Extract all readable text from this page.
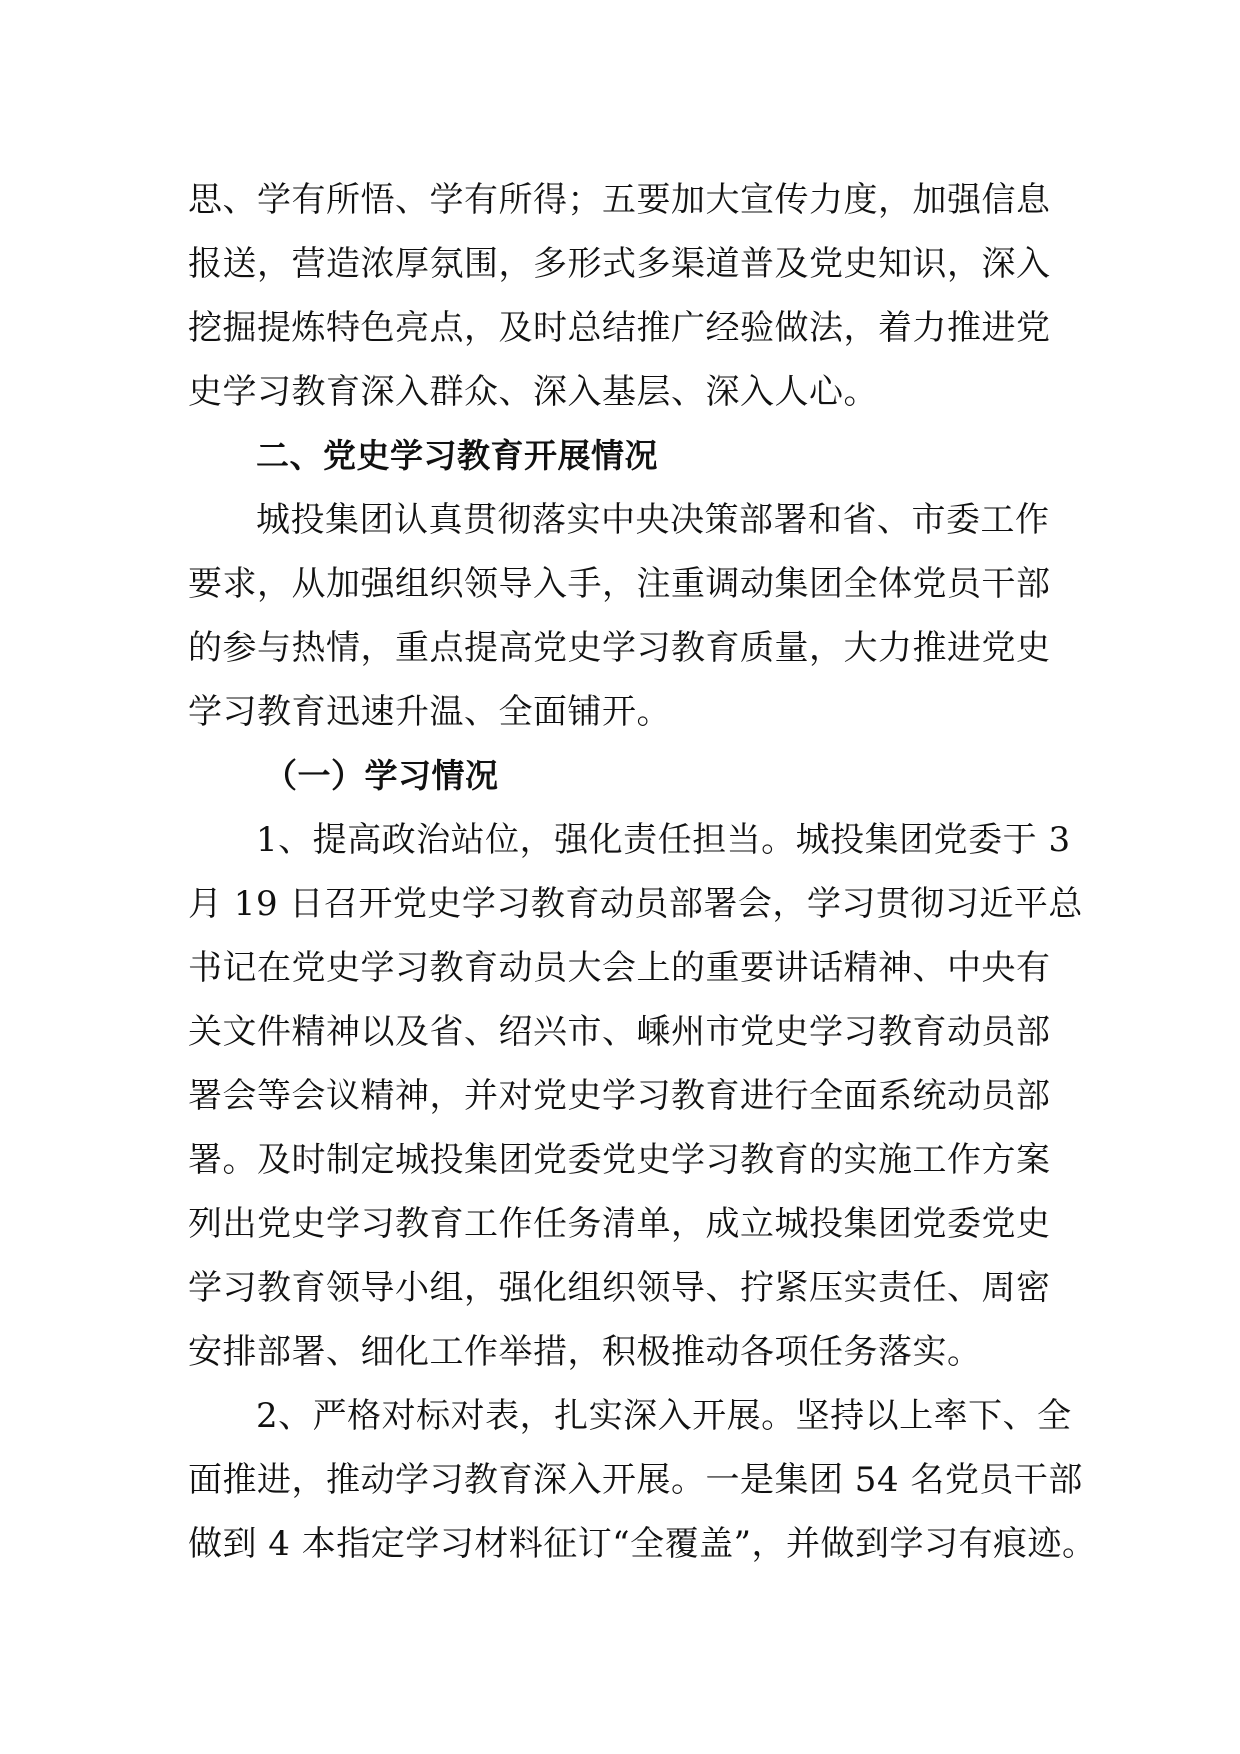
思、学有所悟、学有所得；五要加大宣传力度，加强信息
报送，营造浓厚氛围，多形式多渠道普及党史知识，深入
挖掘提炼特色亮点，及时总结推广经验做法，着力推进党
史学习教育深入群众、深入基层、深入人心。
二、党史学习教育开展情况
城投集团认真贯彻落实中央决策部署和省、市委工作
要求，从加强组织领导入手，注重调动集团全体党员干部
的参与热情，重点提高党史学习教育质量，大力推进党史
学习教育迅速升温、全面铺开。
（一）学习情况
1、提高政治站位，强化责任担当。城投集团党委于 3
月 19 日召开党史学习教育动员部署会，学习贯彻习近平总
书记在党史学习教育动员大会上的重要讲话精神、中央有
关文件精神以及省、绍兴市、嵊州市党史学习教育动员部
署会等会议精神，并对党史学习教育进行全面系统动员部
署。及时制定城投集团党委党史学习教育的实施工作方案
列出党史学习教育工作任务清单，成立城投集团党委党史
学习教育领导小组，强化组织领导、拧紧压实责任、周密
安排部署、细化工作举措，积极推动各项任务落实。
2、严格对标对表，扎实深入开展。坚持以上率下、全
面推进，推动学习教育深入开展。一是集团 54 名党员干部
做到 4 本指定学习材料征订“全覆盖”，并做到学习有痕迹。
